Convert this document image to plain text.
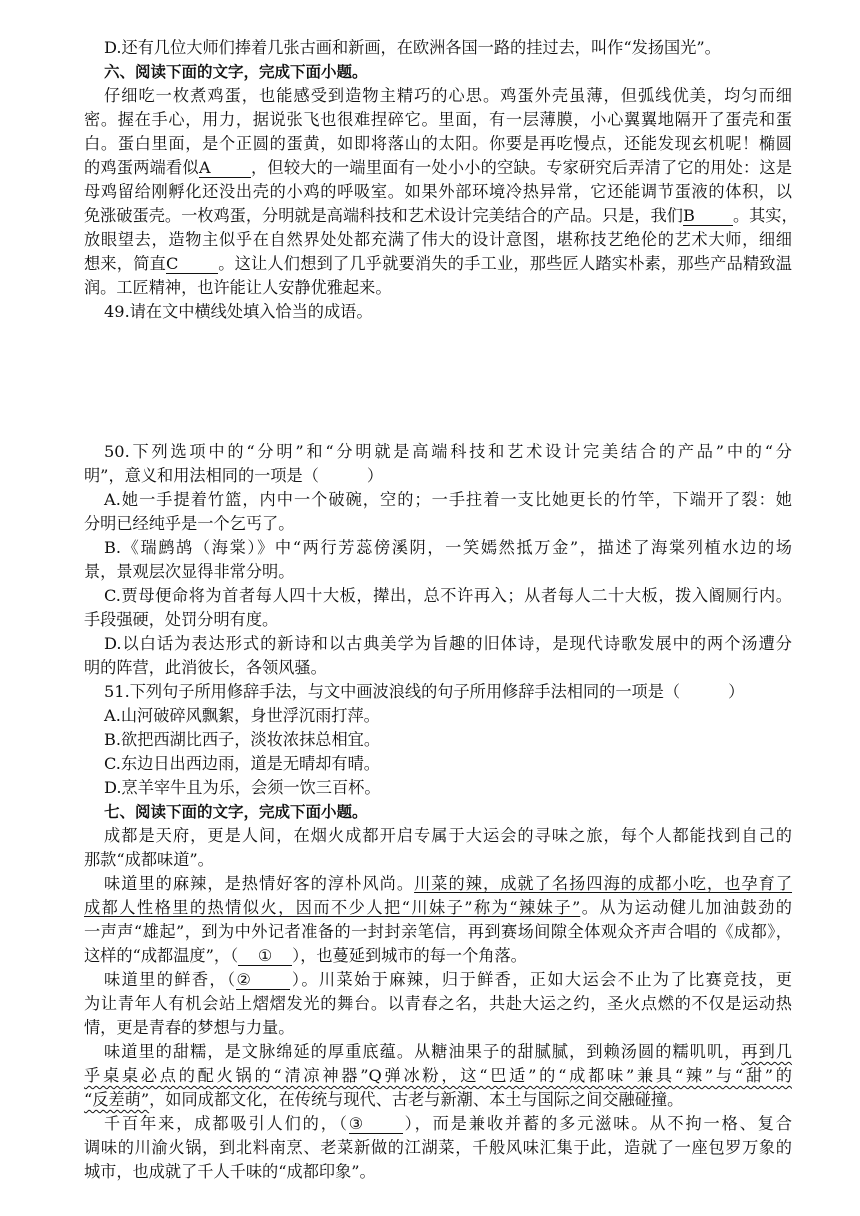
D.还有几位大师们捧着几张古画和新画，在欧洲各国一路的挂过去，叫作“发扬国光”。
六、阅读下面的文字，完成下面小题。
仔细吃一枚煮鸡蛋，也能感受到造物主精巧的心思。鸡蛋外壳虽薄，但弧线优美，均匀而细
密。握在手心，用力，据说张飞也很难捏碎它。里面，有一层薄膜，小心翼翼地隔开了蛋壳和蛋
白。蛋白里面，是个正圆的蛋黄，如即将落山的太阳。你要是再吃慢点，还能发现玄机呢！椭圆
的鸡蛋两端看似A ，但较大的一端里面有一处小小的空缺。专家研究后弄清了它的用处：这是
母鸡留给刚孵化还没出壳的小鸡的呼吸室。如果外部环境冷热异常，它还能调节蛋液的体积，以
免涨破蛋壳。一枚鸡蛋，分明就是高端科技和艺术设计完美结合的产品。只是，我们B 。其实，
放眼望去，造物主似乎在自然界处处都充满了伟大的设计意图，堪称技艺绝伦的艺术大师，细细
想来，简直C 。这让人们想到了几乎就要消失的手工业，那些匠人踏实朴素，那些产品精致温
润。工匠精神，也许能让人安静优雅起来。
49.请在文中横线处填入恰当的成语。
50.下列选项中的“分明”和“分明就是高端科技和艺术设计完美结合的产品”中的“分
明”，意义和用法相同的一项是（	）
A.她一手提着竹篮，内中一个破碗，空的；一手拄着一支比她更长的竹竿，下端开了裂：她
分明已经纯乎是一个乞丐了。
B.《瑞鹧鸪（海棠）》中“两行芳蕊傍溪阴，一笑嫣然抵万金”，描述了海棠列植水边的场
景，景观层次显得非常分明。
C.贾母便命将为首者每人四十大板，撵出，总不许再入；从者每人二十大板，拨入阍厕行内。
手段强硬，处罚分明有度。
D.以白话为表达形式的新诗和以古典美学为旨趣的旧体诗，是现代诗歌发展中的两个汤遭分
明的阵营，此消彼长，各领风骚。
51.下列句子所用修辞手法，与文中画波浪线的句子所用修辞手法相同的一项是（	）
A.山河破碎风飘絮，身世浮沉雨打萍。
B.欲把西湖比西子，淡妆浓抹总相宜。
C.东边日出西边雨，道是无晴却有晴。
D.烹羊宰牛且为乐，会须一饮三百杯。
七、阅读下面的文字，完成下面小题。
成都是天府，更是人间，在烟火成都开启专属于大运会的寻味之旅，每个人都能找到自己的
那款“成都味道”。
味道里的麻辣，是热情好客的淳朴风尚。川菜的辣，成就了名扬四海的成都小吃，也孕育了
成都人性格里的热情似火，因而不少人把“川妹子”称为“辣妹子”。从为运动健儿加油鼓劲的
一声声“雄起”，到为中外记者准备的一封封亲笔信，再到赛场间隙全体观众齐声合唱的《成都》，
这样的“成都温度”，（ ① ），也蔓延到城市的每一个角落。
味道里的鲜香，（② ）。川菜始于麻辣，归于鲜香，正如大运会不止为了比赛竞技，更
为让青年人有机会站上熠熠发光的舞台。以青春之名，共赴大运之约，圣火点燃的不仅是运动热
情，更是青春的梦想与力量。
味道里的甜糯，是文脉绵延的厚重底蕴。从糖油果子的甜腻腻，到赖汤圆的糯叽叽，再到几
乎桌桌必点的配火锅的“清凉神器”Q弹冰粉，这“巴适”的“成都味”兼具“辣”与“甜”的
“反差萌”，如同成都文化，在传统与现代、古老与新潮、本土与国际之间交融碰撞。
千百年来，成都吸引人们的，（③ ），而是兼收并蓄的多元滋味。从不拘一格、复合
调味的川渝火锅，到北料南烹、老菜新做的江湖菜，千般风味汇集于此，造就了一座包罗万象的
城市，也成就了千人千味的“成都印象”。
